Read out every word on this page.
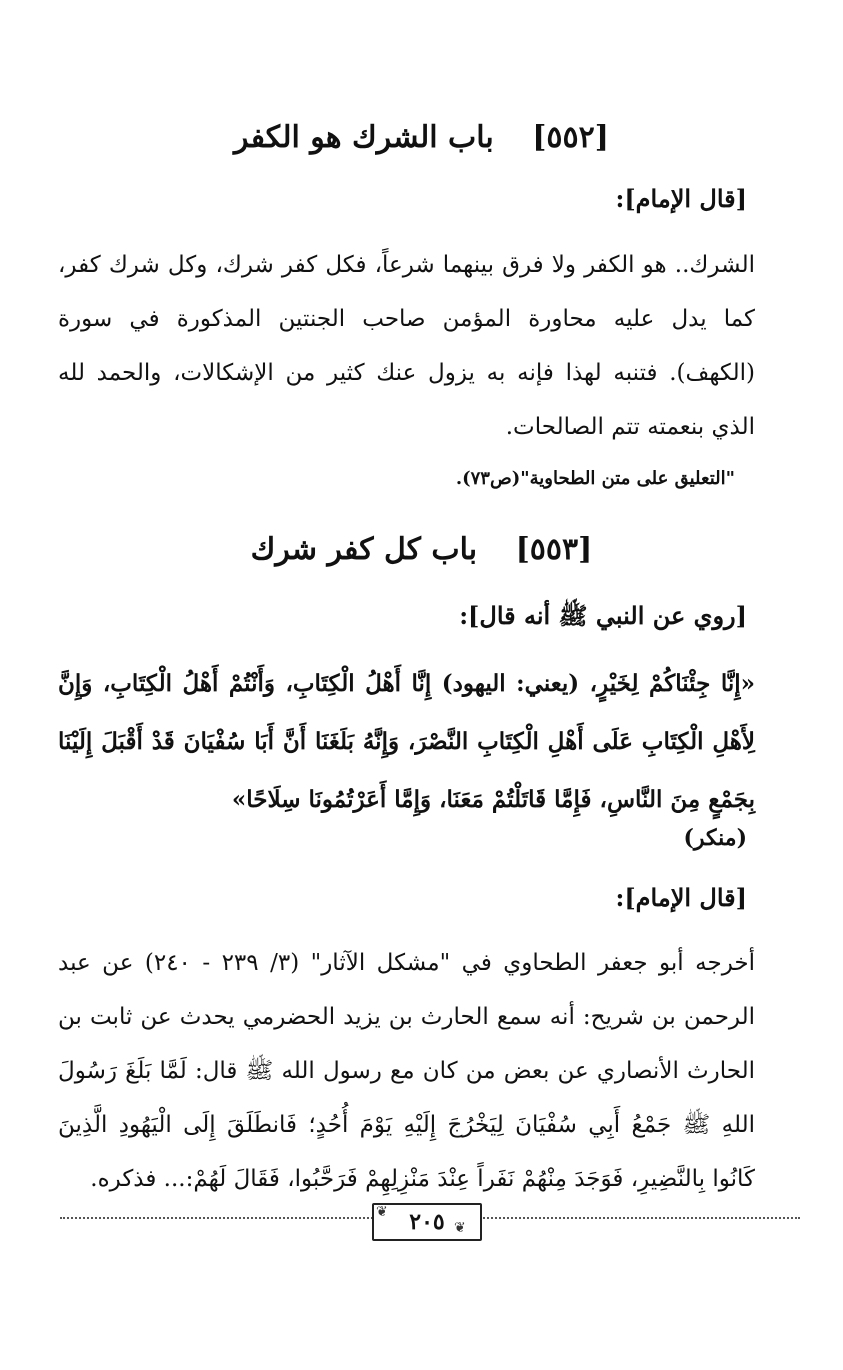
[٥٥٢] باب الشرك هو الكفر
[قال الإمام]:

الشرك.. هو الكفر ولا فرق بينهما شرعاً، فكل كفر شرك، وكل شرك كفر، كما يدل عليه محاورة المؤمن صاحب الجنتين المذكورة في سورة (الكهف). فتنبه لهذا فإنه به يزول عنك كثير من الإشكالات، والحمد لله الذي بنعمته تتم الصالحات.

"التعليق على متن الطحاوية"(ص٧٣).
[٥٥٣] باب كل كفر شرك
[روي عن النبي ﷺ أنه قال]:

«إِنَّا جِئْنَاكُمْ لِخَيْرٍ، (يعني: اليهود) إِنَّا أَهْلُ الْكِتَابِ، وَأَنْتُمْ أَهْلُ الْكِتَابِ، وَإِنَّ لِأَهْلِ الْكِتَابِ عَلَى أَهْلِ الْكِتَابِ النَّصْرَ، وَإِنَّهُ بَلَغَنَا أَنَّ أَبَا سُفْيَانَ قَدْ أَقْبَلَ إِلَيْنَا بِجَمْعٍ مِنَ النَّاسِ، فَإِمَّا قَاتَلْتُمْ مَعَنَا، وَإِمَّا أَعَرْتُمُونَا سِلَاحًا»

(منكر)
[قال الإمام]:

أخرجه أبو جعفر الطحاوي في "مشكل الآثار" (٣/ ٢٣٩ - ٢٤٠) عن عبد الرحمن بن شريح: أنه سمع الحارث بن يزيد الحضرمي يحدث عن ثابت بن الحارث الأنصاري عن بعض من كان مع رسول الله ﷺ قال: لَمَّا بَلَغَ رَسُولَ اللهِ ﷺ جَمْعُ أَبِي سُفْيَانَ لِيَخْرُجَ إِلَيْهِ يَوْمَ أُحُدٍ؛ فَانطَلَقَ إِلَى الْيَهُودِ الَّذِينَ كَانُوا بِالنَّضِيرِ، فَوَجَدَ مِنْهُمْ نَفَراً عِنْدَ مَنْزِلِهِمْ فَرَحَّبُوا، فَقَالَ لَهُمْ:... فذكره.

٢٠٥
❦
❦
